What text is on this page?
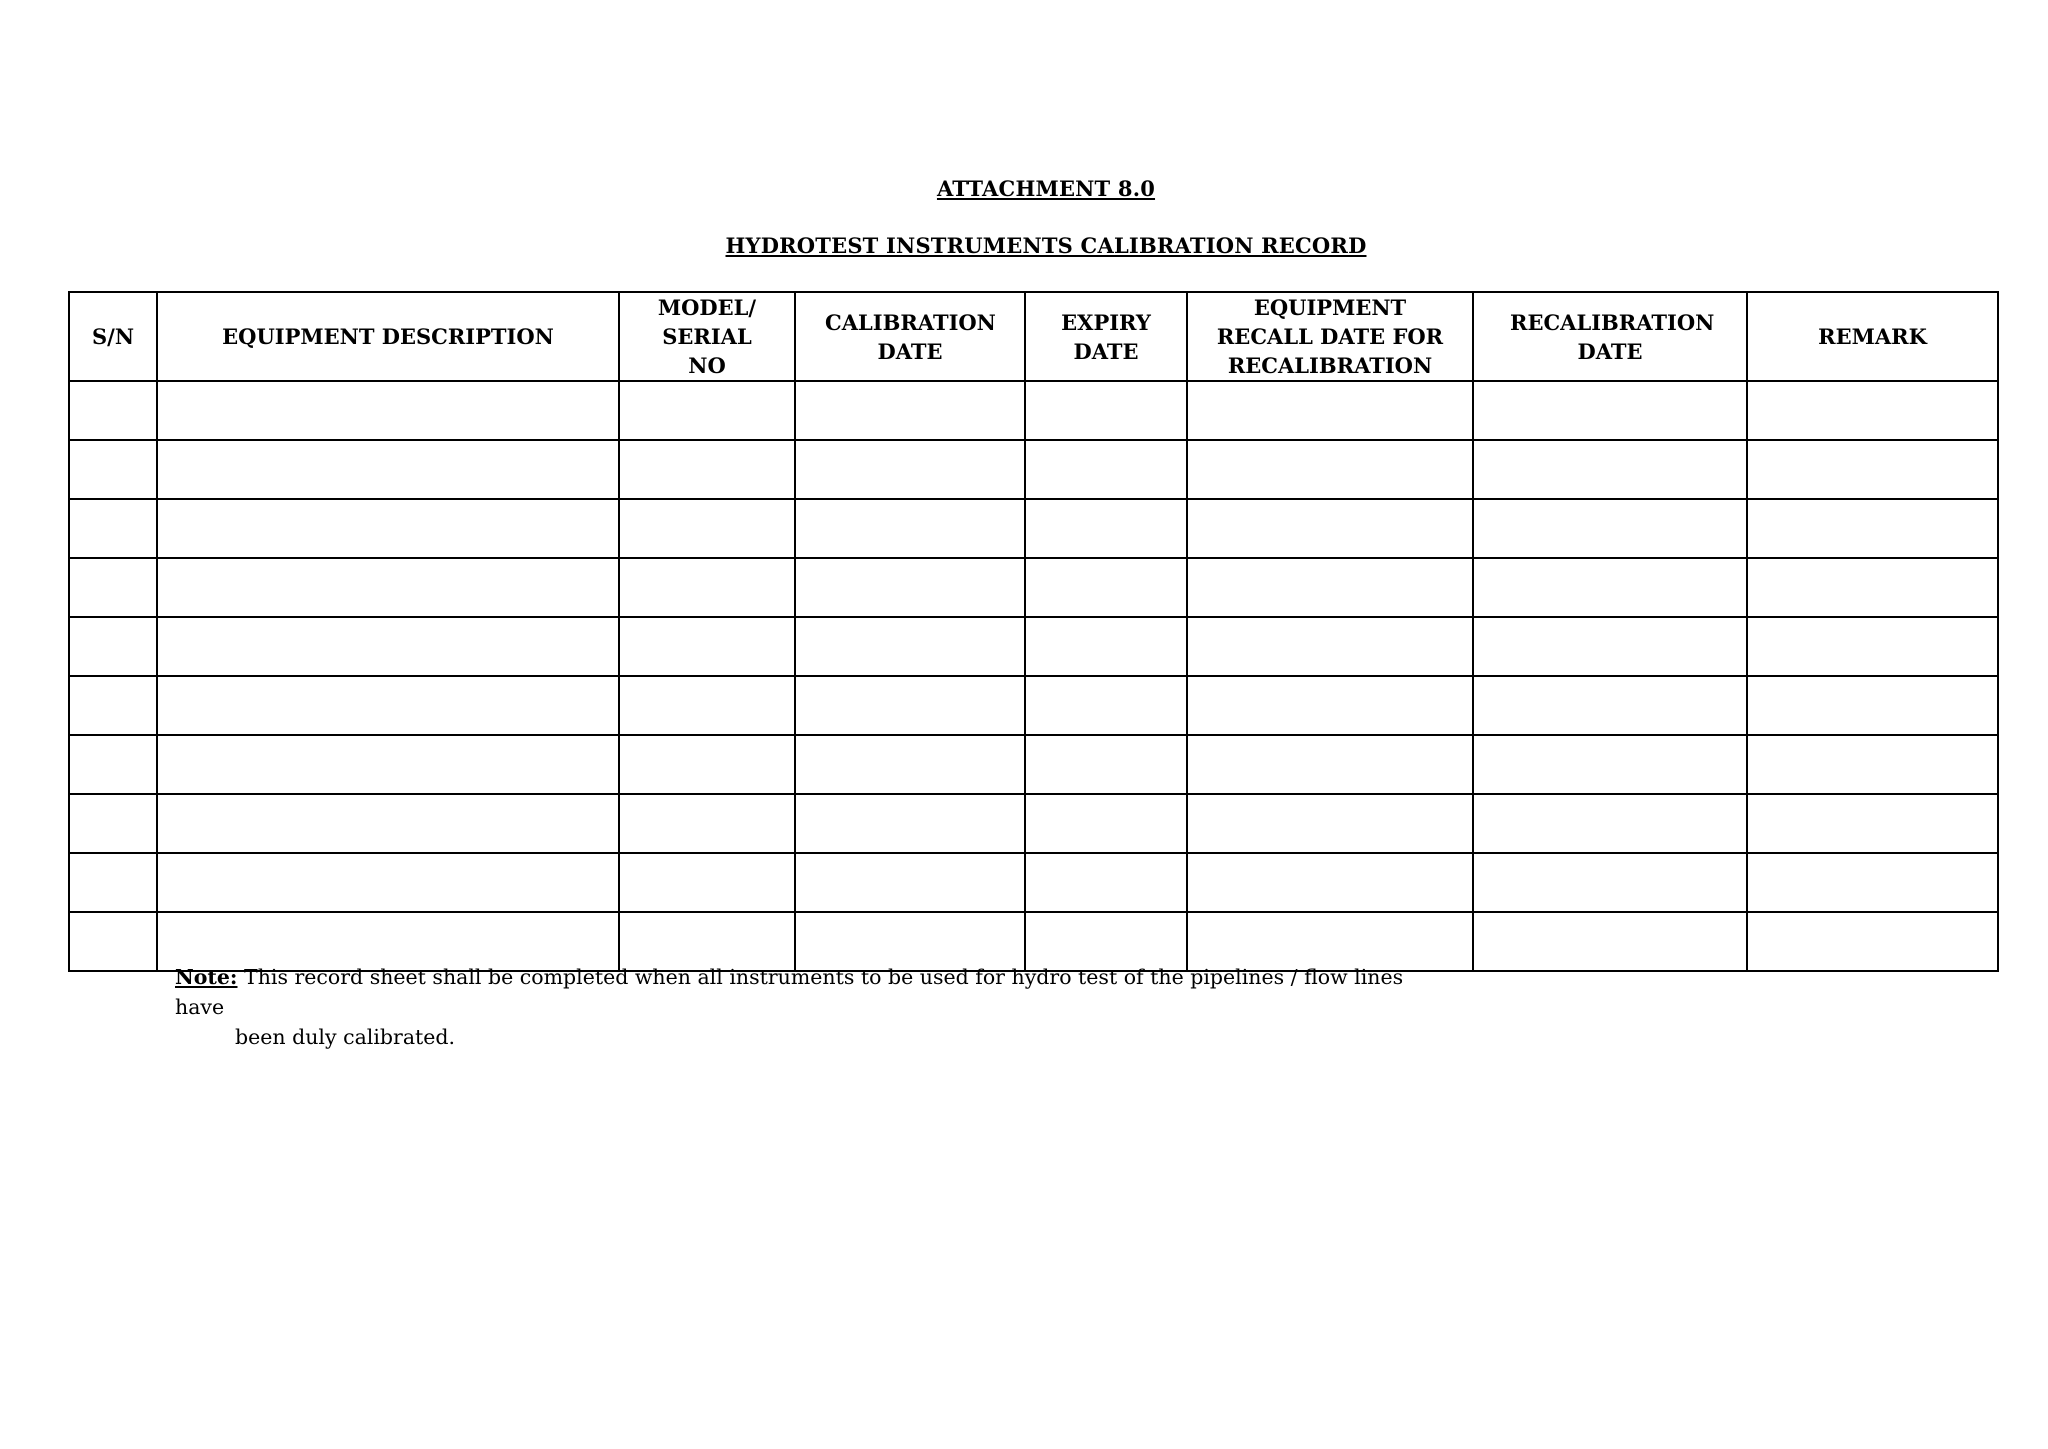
ATTACHMENT 8.0
HYDROTEST INSTRUMENTS CALIBRATION RECORD
S/N	EQUIPMENT DESCRIPTION	MODEL/ SERIAL NO	CALIBRATION DATE	EXPIRY DATE	EQUIPMENT RECALL DATE FOR RECALIBRATION	RECALIBRATION DATE	REMARK

Note: This record sheet shall be completed when all instruments to be used for hydro test of the pipelines / flow lines have
been duly calibrated.
